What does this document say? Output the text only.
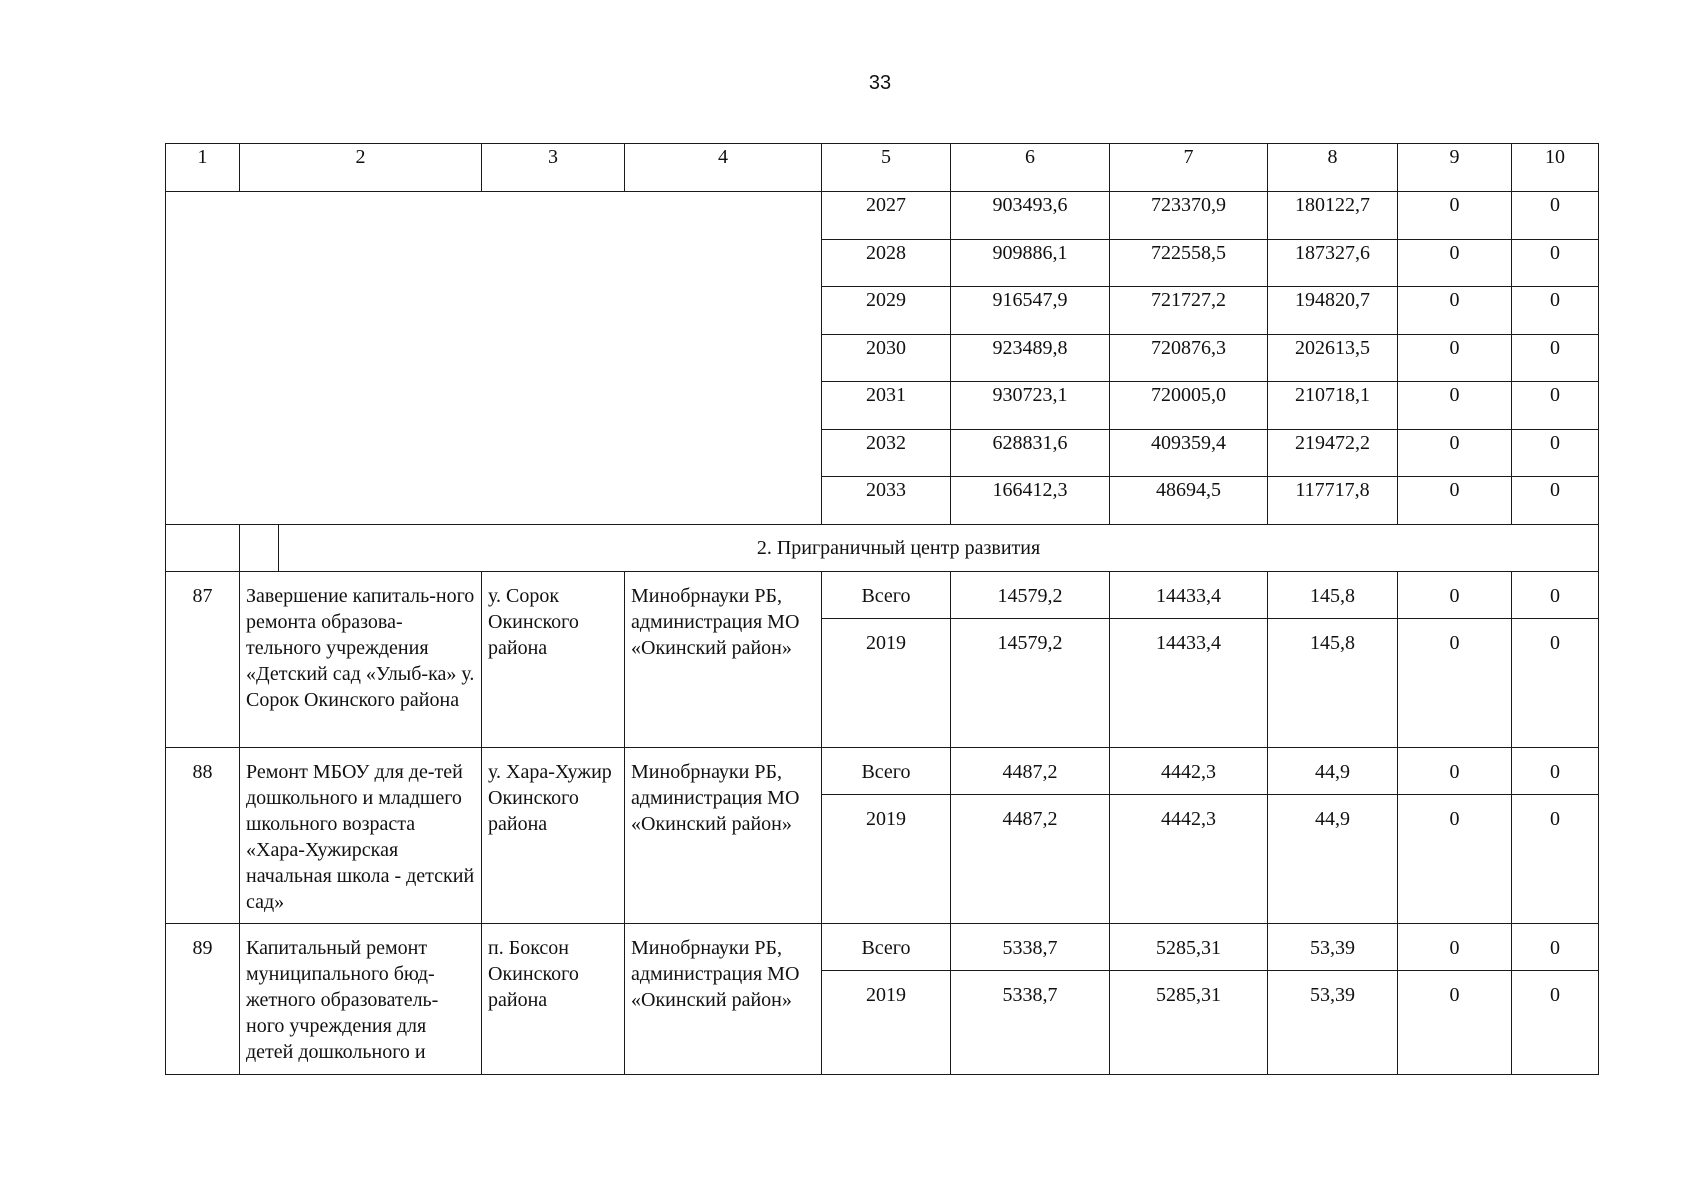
33
1	2	3	4	5	6	7	8	9	10
				2027	903493,6	723370,9	180122,7	0	0
				2028	909886,1	722558,5	187327,6	0	0
				2029	916547,9	721727,2	194820,7	0	0
				2030	923489,8	720876,3	202613,5	0	0
				2031	930723,1	720005,0	210718,1	0	0
				2032	628831,6	409359,4	219472,2	0	0
				2033	166412,3	48694,5	117717,8	0	0

2. Приграничный центр развития								

87	Завершение капиталь-ного ремонта образова-тельного учреждения «Детский сад «Улыб-ка» у. Сорок Окинского района	у. Сорок Окинского района	Минобрнауки РБ, администрация МО «Окинский район»	Всего	14579,2	14433,4	145,8	0	0
				2019	14579,2	14433,4	145,8	0	0
88	Ремонт МБОУ для де-тей дошкольного и младшего школьного возраста «Хара-Хужирская начальная школа - детский сад»	у. Хара-Хужир Окинского района	Минобрнауки РБ, администрация МО «Окинский район»	Всего	4487,2	4442,3	44,9	0	0
				2019	4487,2	4442,3	44,9	0	0
89	Капитальный ремонт муниципального бюд-жетного образователь-ного учреждения для детей дошкольного и	п. Боксон Окинского района	Минобрнауки РБ, администрация МО «Окинский район»	Всего	5338,7	5285,31	53,39	0	0
				2019	5338,7	5285,31	53,39	0	0
